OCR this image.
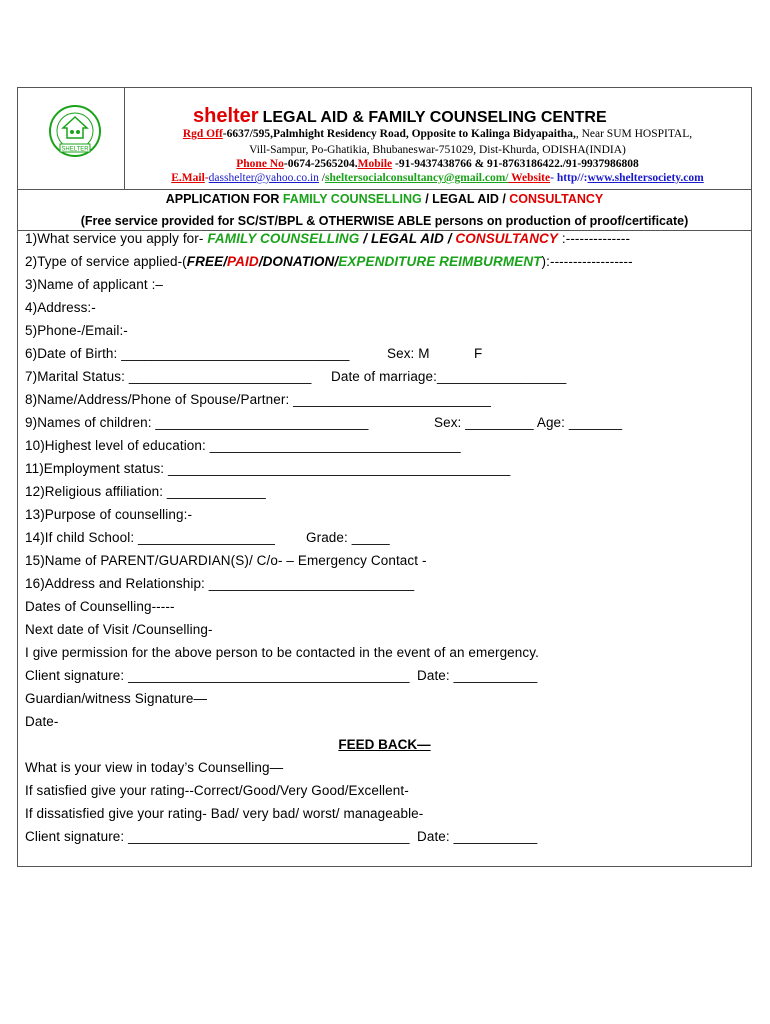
SHELTER
shelter LEGAL AID & FAMILY COUNSELING CENTRE
Rgd Off-6637/595,Palmhight Residency Road, Opposite to Kalinga Bidyapaitha,, Near SUM HOSPITAL,
Vill-Sampur, Po-Ghatikia, Bhubaneswar-751029, Dist-Khurda, ODISHA(INDIA)
Phone No-0674-2565204.Mobile -91-9437438766 & 91-8763186422./91-9937986808
E.Mail-dasshelter@yahoo.co.in /sheltersocialconsultancy@gmail.com/ Website- http//:www.sheltersociety.com
APPLICATION FOR FAMILY COUNSELLING / LEGAL AID / CONSULTANCY
(Free service provided for SC/ST/BPL & OTHERWISE ABLE persons on production of proof/certificate)
1)What service you apply for- FAMILY COUNSELLING / LEGAL AID / CONSULTANCY :--------------
2)Type of service applied-(FREE/PAID/DONATION/EXPENDITURE REIMBURMENT):------------------
3)Name of applicant :–
4)Address:-
5)Phone-/Email:-
6)Date of Birth: ______________________________	Sex: M	F
7)Marital Status: ________________________ Date of marriage:_________________
8)Name/Address/Phone of Spouse/Partner: __________________________
9)Names of children: ____________________________	Sex: _________ Age: _______
10)Highest level of education: _________________________________
11)Employment status: _____________________________________________
12)Religious affiliation: _____________
13)Purpose of counselling:-
14)If child School: __________________ Grade: _____
15)Name of PARENT/GUARDIAN(S)/ C/o- – Emergency Contact -
16)Address and Relationship: ___________________________
Dates of Counselling-----
Next date of Visit /Counselling-
I give permission for the above person to be contacted in the event of an emergency.
Client signature: _____________________________________ Date: ___________
Guardian/witness Signature—
Date-
FEED BACK—
What is your view in today’s Counselling—
If satisfied give your rating--Correct/Good/Very Good/Excellent-
If dissatisfied give your rating- Bad/ very bad/ worst/ manageable-
Client signature: _____________________________________ Date: ___________
